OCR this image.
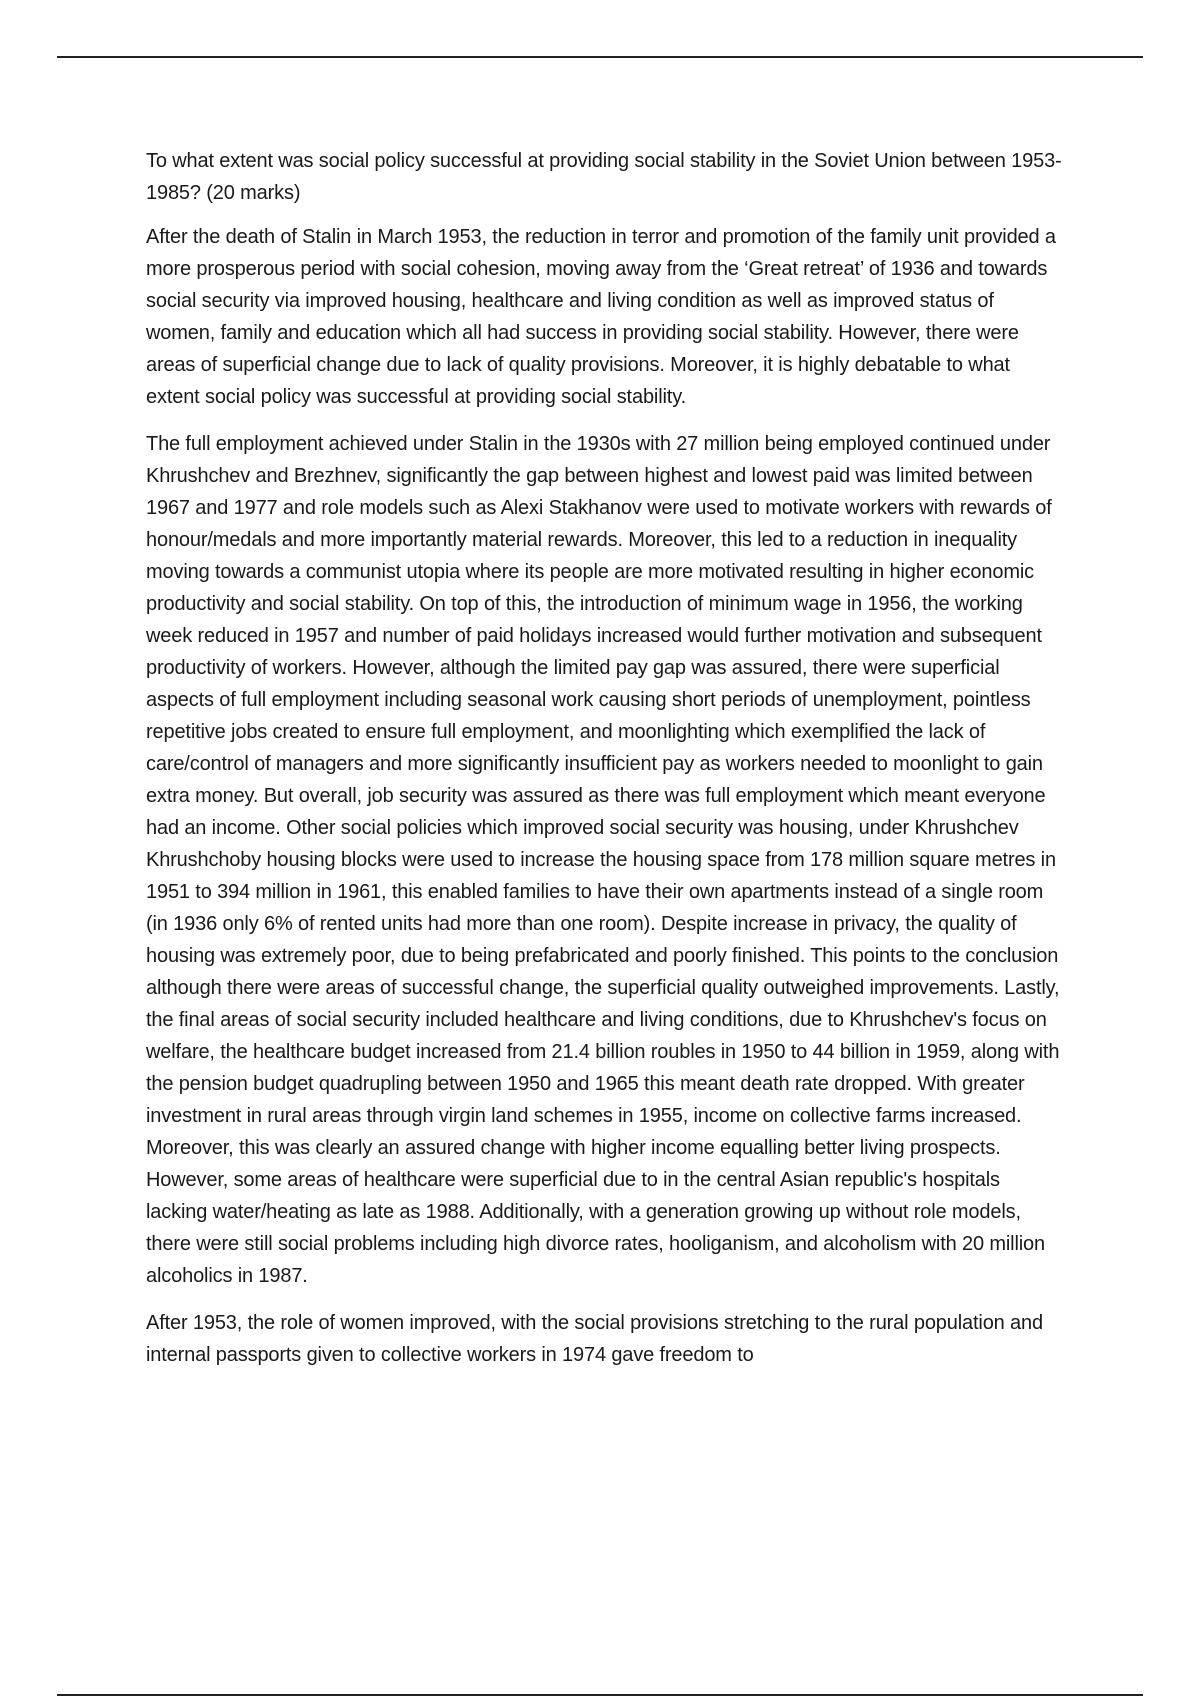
To what extent was social policy successful at providing social stability in the Soviet Union between 1953-1985? (20 marks)

After the death of Stalin in March 1953, the reduction in terror and promotion of the family unit provided a more prosperous period with social cohesion, moving away from the ‘Great retreat’ of 1936 and towards social security via improved housing, healthcare and living condition as well as improved status of women, family and education which all had success in providing social stability. However, there were areas of superficial change due to lack of quality provisions. Moreover, it is highly debatable to what extent social policy was successful at providing social stability.

The full employment achieved under Stalin in the 1930s with 27 million being employed continued under Khrushchev and Brezhnev, significantly the gap between highest and lowest paid was limited between 1967 and 1977 and role models such as Alexi Stakhanov were used to motivate workers with rewards of honour/medals and more importantly material rewards. Moreover, this led to a reduction in inequality moving towards a communist utopia where its people are more motivated resulting in higher economic productivity and social stability. On top of this, the introduction of minimum wage in 1956, the working week reduced in 1957 and number of paid holidays increased would further motivation and subsequent productivity of workers. However, although the limited pay gap was assured, there were superficial aspects of full employment including seasonal work causing short periods of unemployment, pointless repetitive jobs created to ensure full employment, and moonlighting which exemplified the lack of care/control of managers and more significantly insufficient pay as workers needed to moonlight to gain extra money. But overall, job security was assured as there was full employment which meant everyone had an income. Other social policies which improved social security was housing, under Khrushchev Khrushchoby housing blocks were used to increase the housing space from 178 million square metres in 1951 to 394 million in 1961, this enabled families to have their own apartments instead of a single room (in 1936 only 6% of rented units had more than one room). Despite increase in privacy, the quality of housing was extremely poor, due to being prefabricated and poorly finished. This points to the conclusion although there were areas of successful change, the superficial quality outweighed improvements. Lastly, the final areas of social security included healthcare and living conditions, due to Khrushchev's focus on welfare, the healthcare budget increased from 21.4 billion roubles in 1950 to 44 billion in 1959, along with the pension budget quadrupling between 1950 and 1965 this meant death rate dropped. With greater investment in rural areas through virgin land schemes in 1955, income on collective farms increased. Moreover, this was clearly an assured change with higher income equalling better living prospects. However, some areas of healthcare were superficial due to in the central Asian republic's hospitals lacking water/heating as late as 1988. Additionally, with a generation growing up without role models, there were still social problems including high divorce rates, hooliganism, and alcoholism with 20 million alcoholics in 1987.

After 1953, the role of women improved, with the social provisions stretching to the rural population and internal passports given to collective workers in 1974 gave freedom to
